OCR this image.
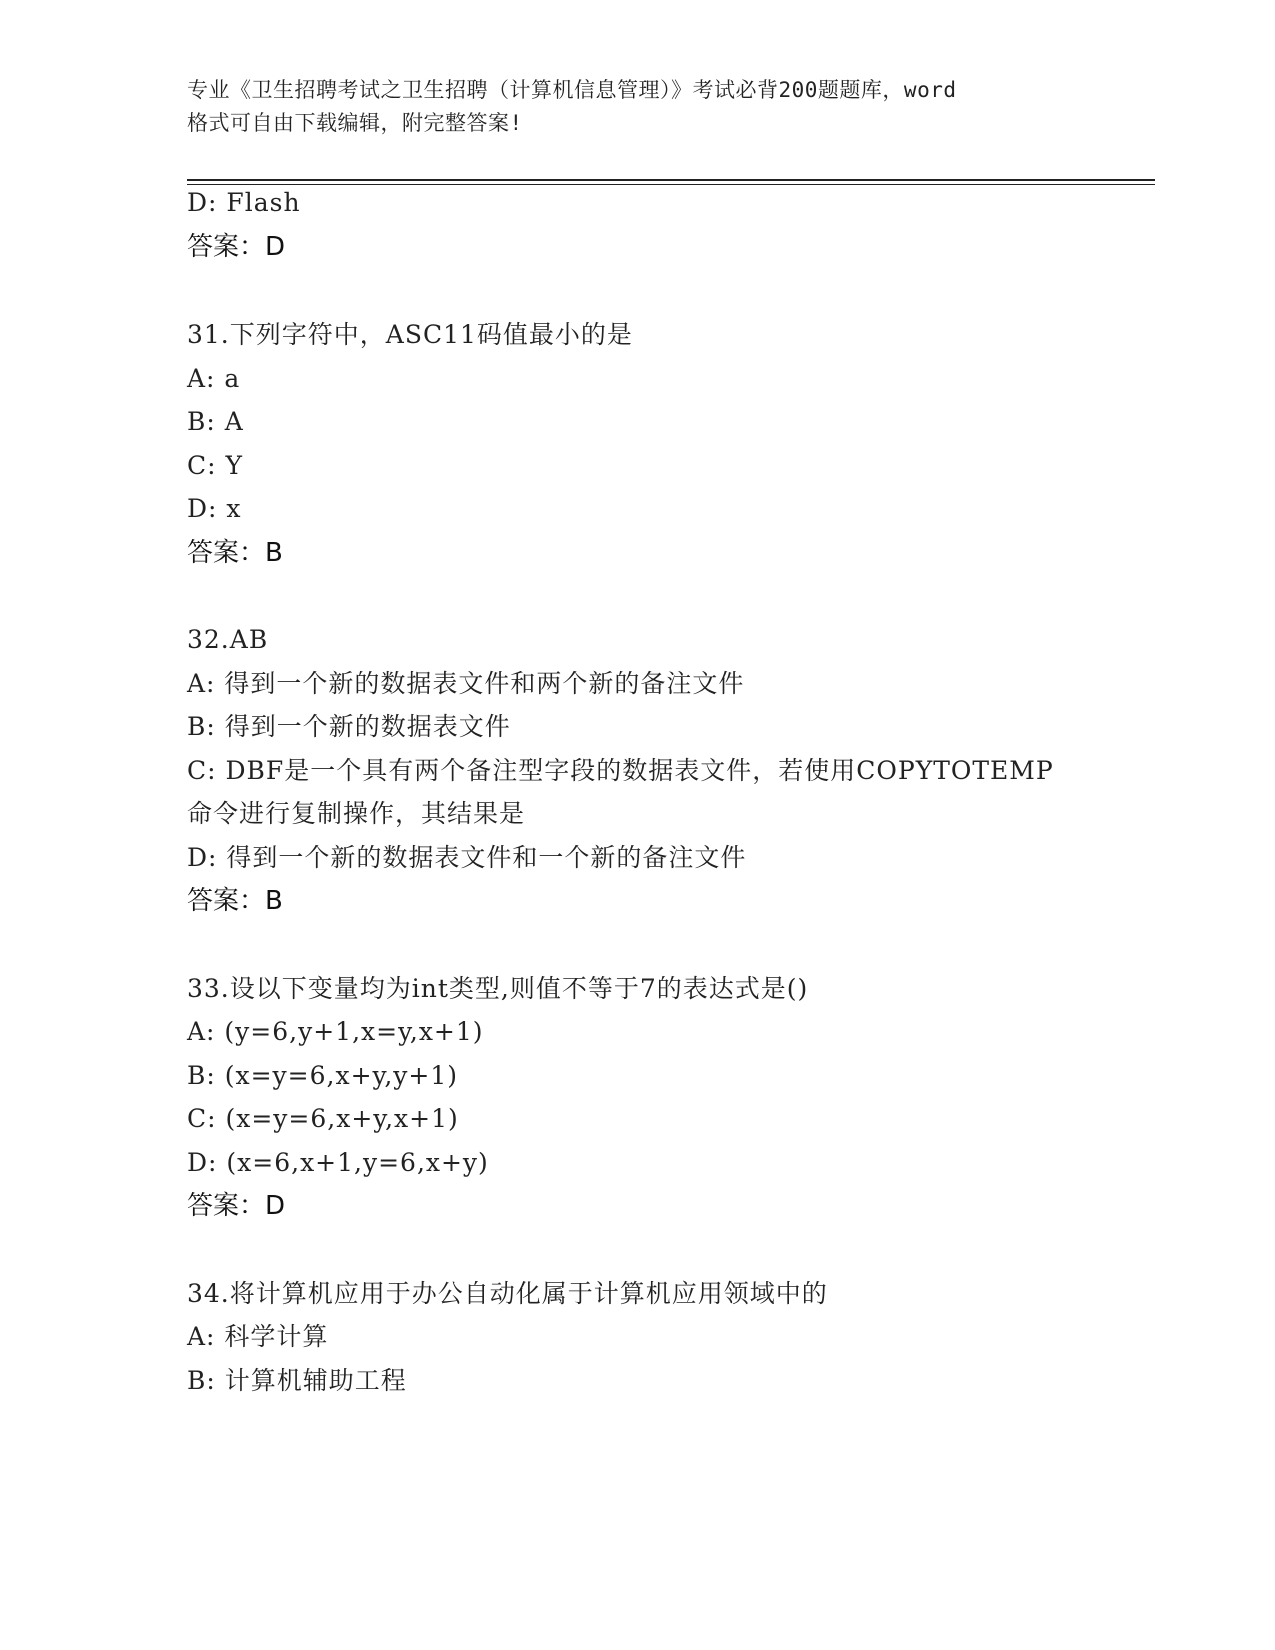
专业《卫生招聘考试之卫生招聘（计算机信息管理）》考试必背200题题库，word
格式可自由下载编辑，附完整答案!
D: Flash
答案：D
31.下列字符中，ASC11码值最小的是
A: a
B: A
C: Y
D: x
答案：B
32.AB
A: 得到一个新的数据表文件和两个新的备注文件
B: 得到一个新的数据表文件
C: DBF是一个具有两个备注型字段的数据表文件，若使用COPYTOTEMP
命令进行复制操作，其结果是
D: 得到一个新的数据表文件和一个新的备注文件
答案：B
33.设以下变量均为int类型,则值不等于7的表达式是()
A: (y=6,y+1,x=y,x+1)
B: (x=y=6,x+y,y+1)
C: (x=y=6,x+y,x+1)
D: (x=6,x+1,y=6,x+y)
答案：D
34.将计算机应用于办公自动化属于计算机应用领域中的
A: 科学计算
B: 计算机辅助工程
